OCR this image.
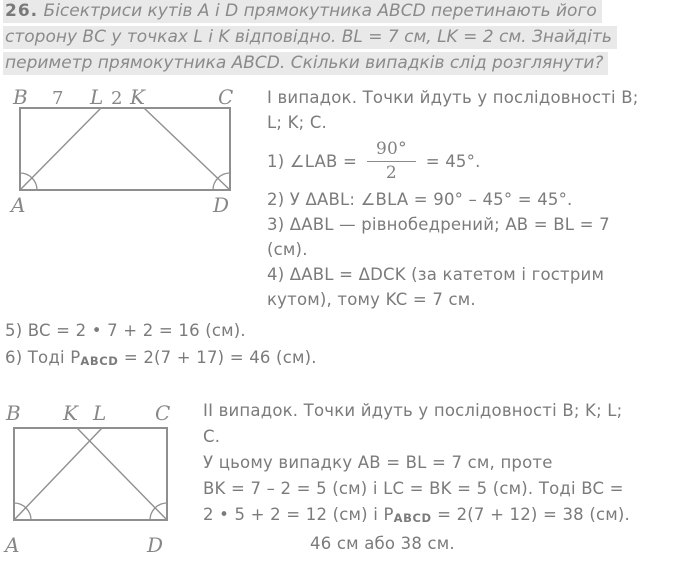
26. Бісектриси кутів A і D прямокутника ABCD перетинають його
сторону BC у точках L і K відповідно. BL = 7 см, LK = 2 см. Знайдіть
периметр прямокутника ABCD. Скільки випадків слід розглянути?
B 7 L 2 K	C
A	D
І випадок. Точки йдуть у послідовності B;
L; K; C.
1) ∠LAB = $\frac{90^\circ}{2} = 45^\circ$.
2) У ΔABL: ∠BLA = 90° – 45° = 45°.
3) ΔABL — рівнобедрений; AB = BL = 7
(см).
4) ΔABL = ΔDCK (за катетом і гострим
кутом), тому KC = 7 см.
5) BC = 2 • 7 + 2 = 16 (см).
6) Тоді PABCD = 2(7 + 17) = 46 (см).
B K L C
A	D
ІІ випадок. Точки йдуть у послідовності B; K; L;
C.
У цьому випадку AB = BL = 7 см, проте
BK = 7 – 2 = 5 (см) і LC = BK = 5 (см). Тоді BC =
2 • 5 + 2 = 12 (см) і PABCD = 2(7 + 12) = 38 (см).
46 см або 38 см.
